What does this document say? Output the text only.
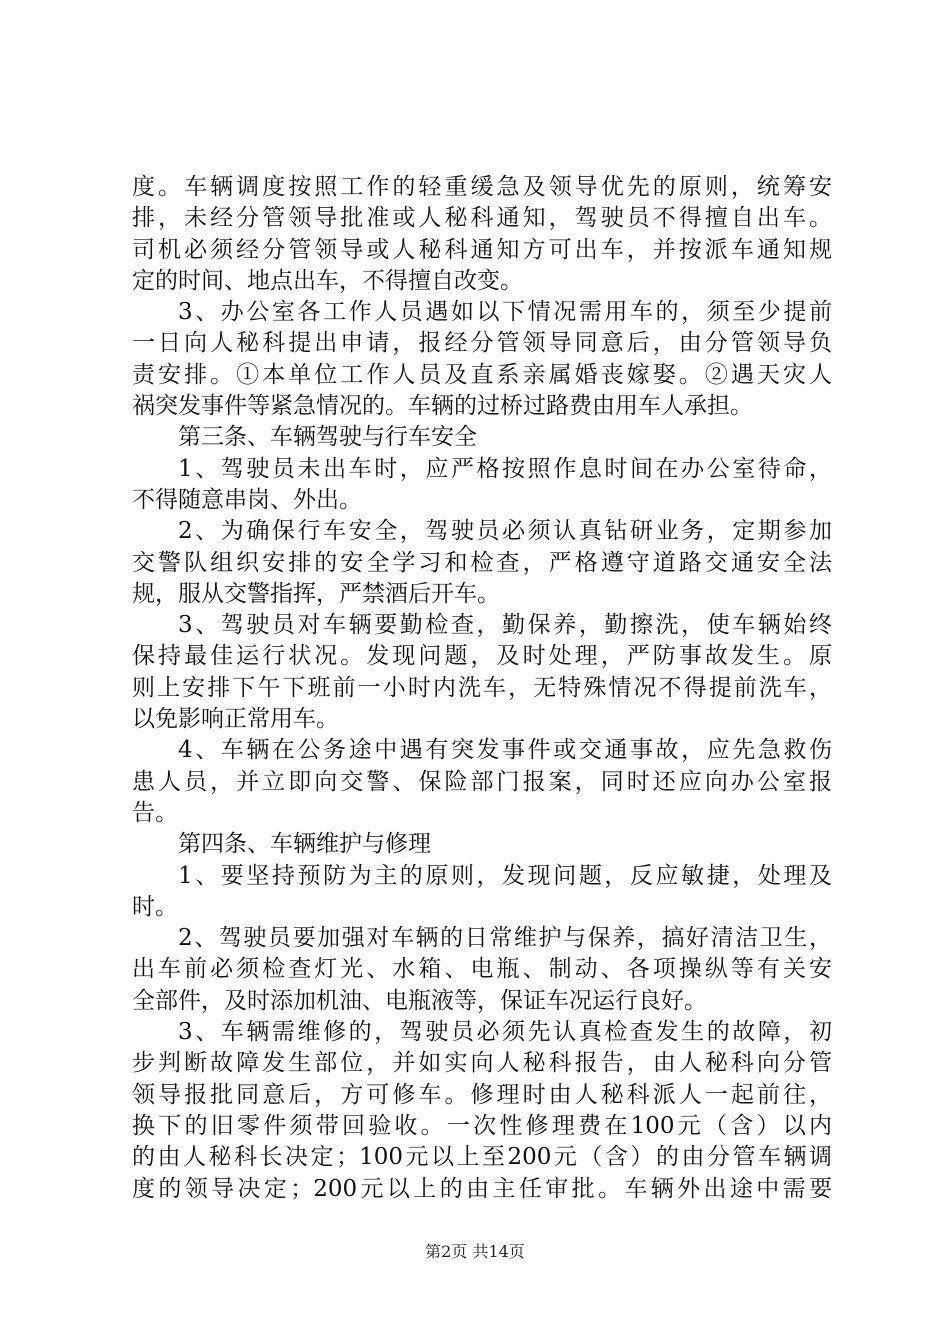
度。车辆调度按照工作的轻重缓急及领导优先的原则，统筹安
排，未经分管领导批准或人秘科通知，驾驶员不得擅自出车。
司机必须经分管领导或人秘科通知方可出车，并按派车通知规
定的时间、地点出车，不得擅自改变。
3、办公室各工作人员遇如以下情况需用车的，须至少提前
一日向人秘科提出申请，报经分管领导同意后，由分管领导负
责安排。①本单位工作人员及直系亲属婚丧嫁娶。②遇天灾人
祸突发事件等紧急情况的。车辆的过桥过路费由用车人承担。
第三条、车辆驾驶与行车安全
1、驾驶员未出车时，应严格按照作息时间在办公室待命，
不得随意串岗、外出。
2、为确保行车安全，驾驶员必须认真钻研业务，定期参加
交警队组织安排的安全学习和检查，严格遵守道路交通安全法
规，服从交警指挥，严禁酒后开车。
3、驾驶员对车辆要勤检查，勤保养，勤擦洗，使车辆始终
保持最佳运行状况。发现问题，及时处理，严防事故发生。原
则上安排下午下班前一小时内洗车，无特殊情况不得提前洗车，
以免影响正常用车。
4、车辆在公务途中遇有突发事件或交通事故，应先急救伤
患人员，并立即向交警、保险部门报案，同时还应向办公室报
告。
第四条、车辆维护与修理
1、要坚持预防为主的原则，发现问题，反应敏捷，处理及
时。
2、驾驶员要加强对车辆的日常维护与保养，搞好清洁卫生，
出车前必须检查灯光、水箱、电瓶、制动、各项操纵等有关安
全部件，及时添加机油、电瓶液等，保证车况运行良好。
3、车辆需维修的，驾驶员必须先认真检查发生的故障，初
步判断故障发生部位，并如实向人秘科报告，由人秘科向分管
领导报批同意后，方可修车。修理时由人秘科派人一起前往，
换下的旧零件须带回验收。一次性修理费在100元（含）以内
的由人秘科长决定；100元以上至200元（含）的由分管车辆调
度的领导决定；200元以上的由主任审批。车辆外出途中需要
第2页 共14页
